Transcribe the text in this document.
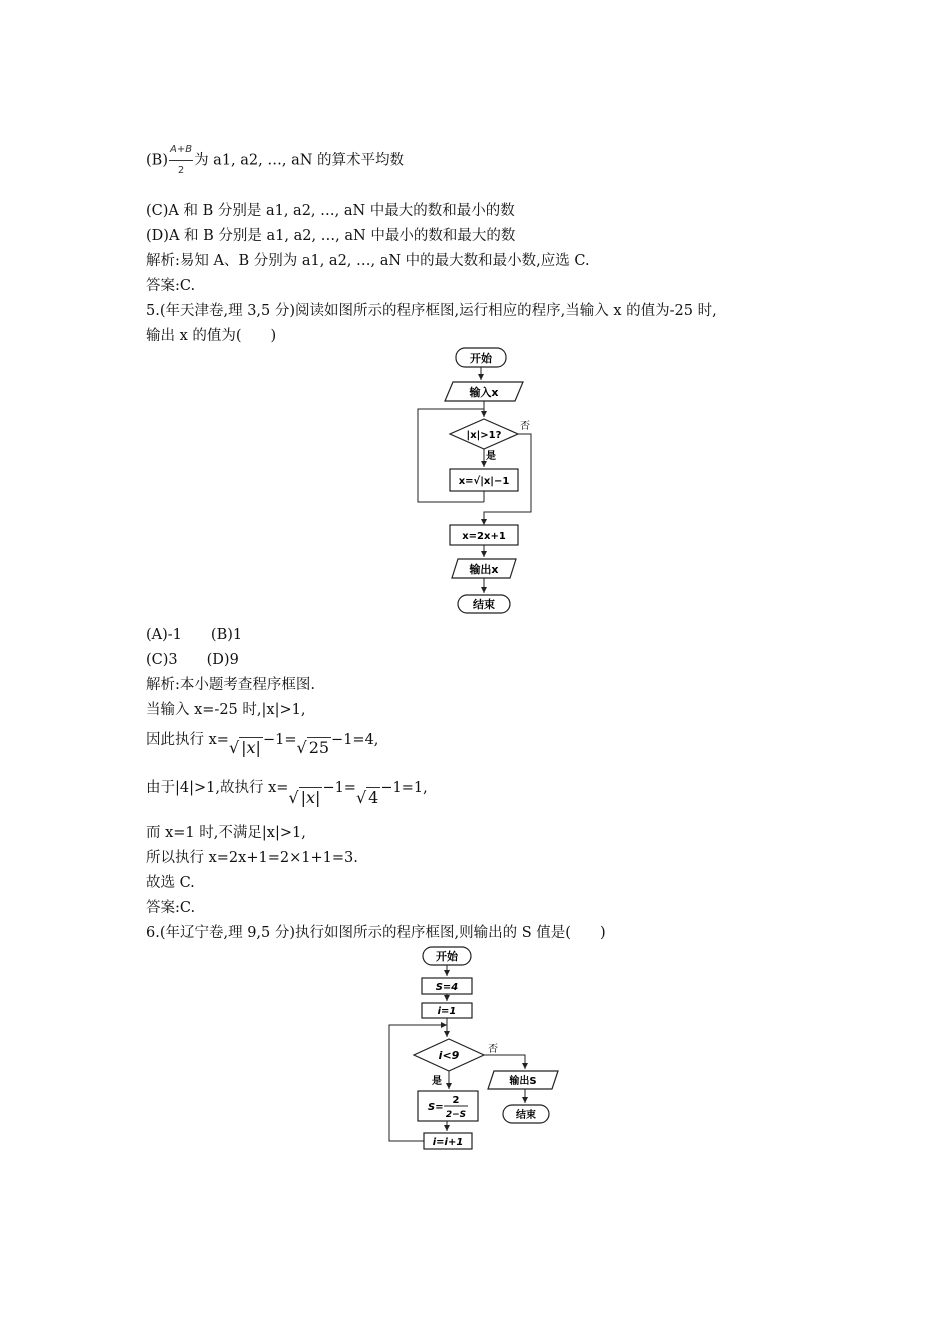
$(B) \frac{A+B}{2}$ 为 a1, a2, …, aN 的算术平均数
(C)A 和 B 分别是 a1, a2, …, aN 中最大的数和最小的数
(D)A 和 B 分别是 a1, a2, …, aN 中最小的数和最大的数
解析:易知 A、B 分别为 a1, a2, …, aN 中的最大数和最小数,应选 C.
答案:C.
5.(年天津卷,理 3,5 分)阅读如图所示的程序框图,运行相应的程序,当输入 x 的值为-25 时,
输出 x 的值为(　　)
开始
输入x
|x|>1?
否
是
x=√|x|−1
x=2x+1
输出x
结束
(A)-1　　(B)1
(C)3　　(D)9
解析:本小题考查程序框图.
当输入 x=-25 时,|x|>1,
因此执行 x=√ |x| −1=√ 25 −1=4,
由于|4|>1,故执行 x=√ |x| −1=√ 4 −1=1,
而 x=1 时,不满足|x|>1,
所以执行 x=2x+1=2×1+1=3.
故选 C.
答案:C.
6.(年辽宁卷,理 9,5 分)执行如图所示的程序框图,则输出的 S 值是(　　)
开始
S=4
i=1
i<9	否
是	输出S
结束
S=
2
2−S
i=i+1
